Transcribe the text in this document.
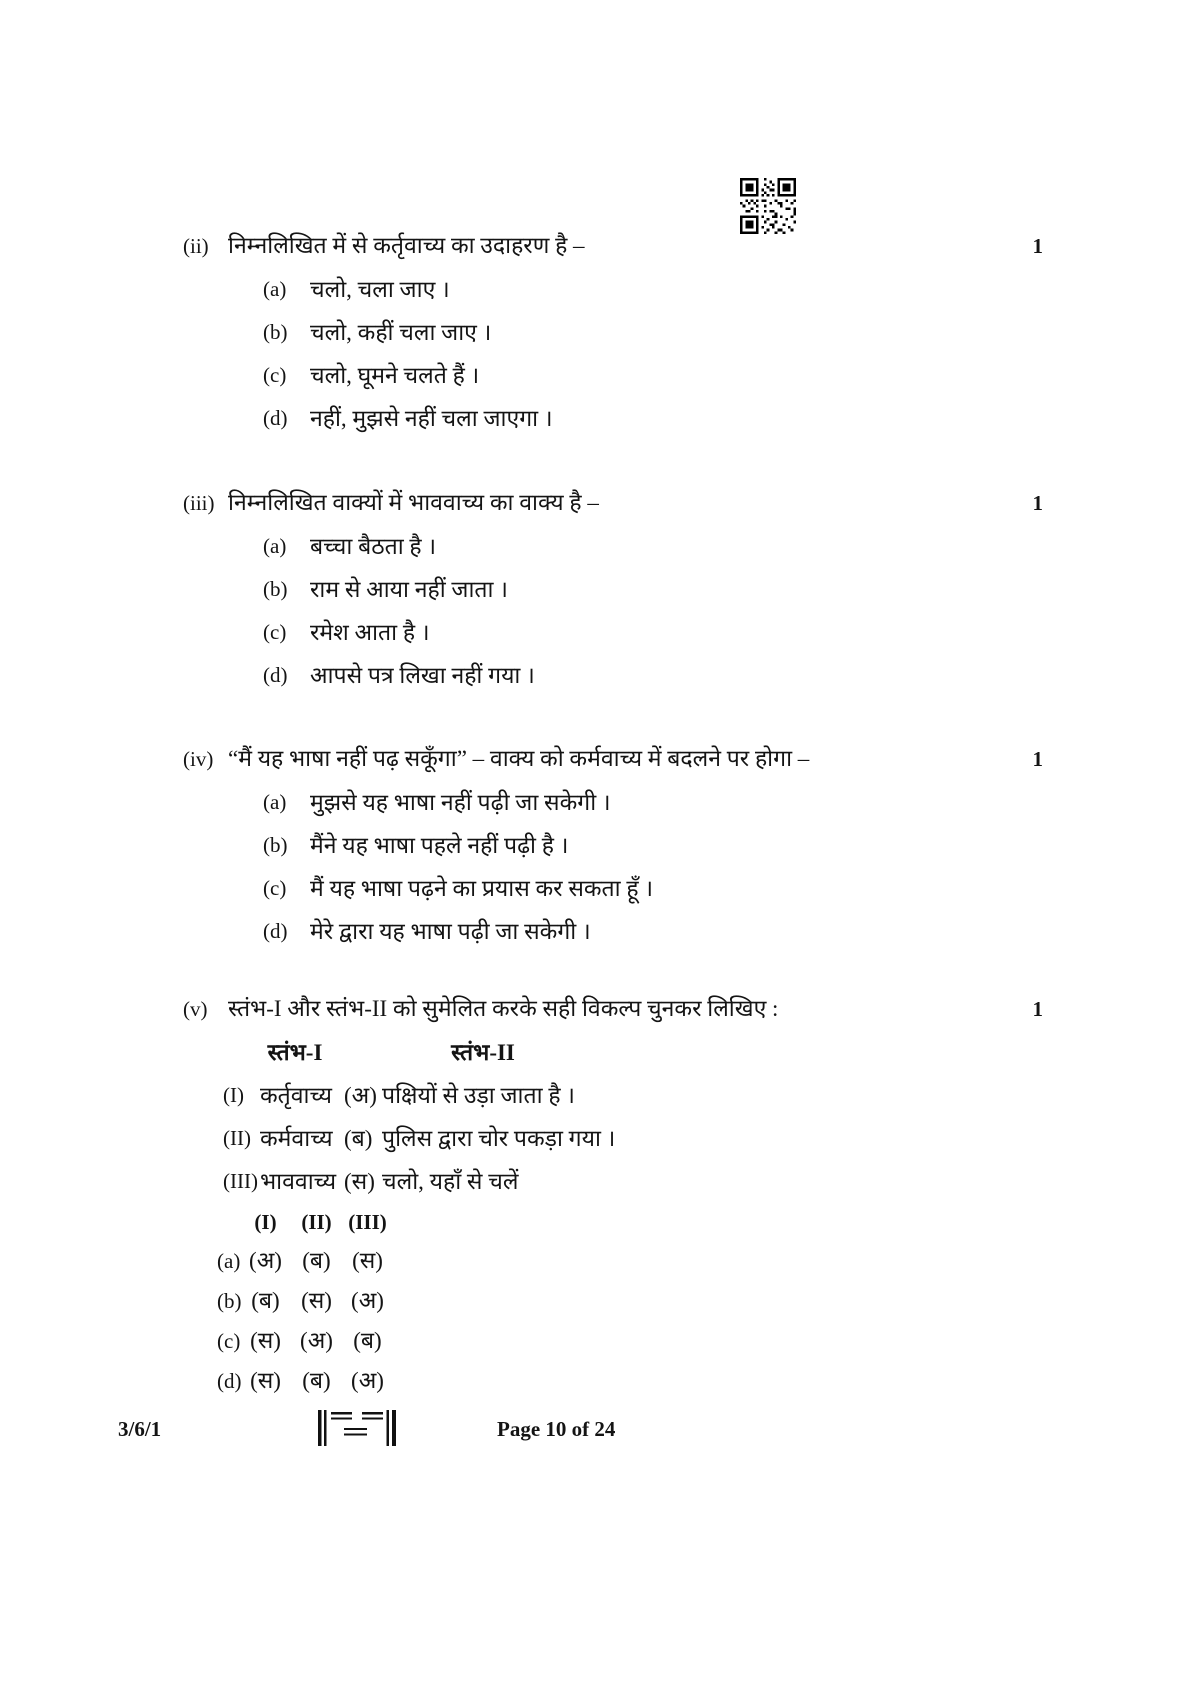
(ii) निम्नलिखित में से कर्तृवाच्य का उदाहरण है –	1
(a)	चलो, चला जाए ।
(b) चलो, कहीं चला जाए ।
(c)	चलो, घूमने चलते हैं ।
(d) नहीं, मुझसे नहीं चला जाएगा ।
(iii) निम्नलिखित वाक्यों में भाववाच्य का वाक्य है –	1
(a)	बच्चा बैठता है ।
(b) राम से आया नहीं जाता ।
(c)	रमेश आता है ।
(d) आपसे पत्र लिखा नहीं गया ।
(iv) “मैं यह भाषा नहीं पढ़ सकूँगा” – वाक्य को कर्मवाच्य में बदलने पर होगा –	1
(a)	मुझसे यह भाषा नहीं पढ़ी जा सकेगी ।
(b) मैंने यह भाषा पहले नहीं पढ़ी है ।
(c)	मैं यह भाषा पढ़ने का प्रयास कर सकता हूँ ।
(d) मेरे द्वारा यह भाषा पढ़ी जा सकेगी ।
(v) स्तंभ-I और स्तंभ-II को सुमेलित करके सही विकल्प चुनकर लिखिए :	1
स्तंभ-I	स्तंभ-II
(I) कर्तृवाच्य (अ) पक्षियों से उड़ा जाता है ।
(II) कर्मवाच्य (ब) पुलिस द्वारा चोर पकड़ा गया ।
(III) भाववाच्य (स) चलो, यहाँ से चलें
(I)	(II) (III)
(a) (अ) (ब) (स)
(b) (ब) (स) (अ)
(c) (स) (अ) (ब)
(d) (स) (ब) (अ)
3/6/1	Page 10 of 24
